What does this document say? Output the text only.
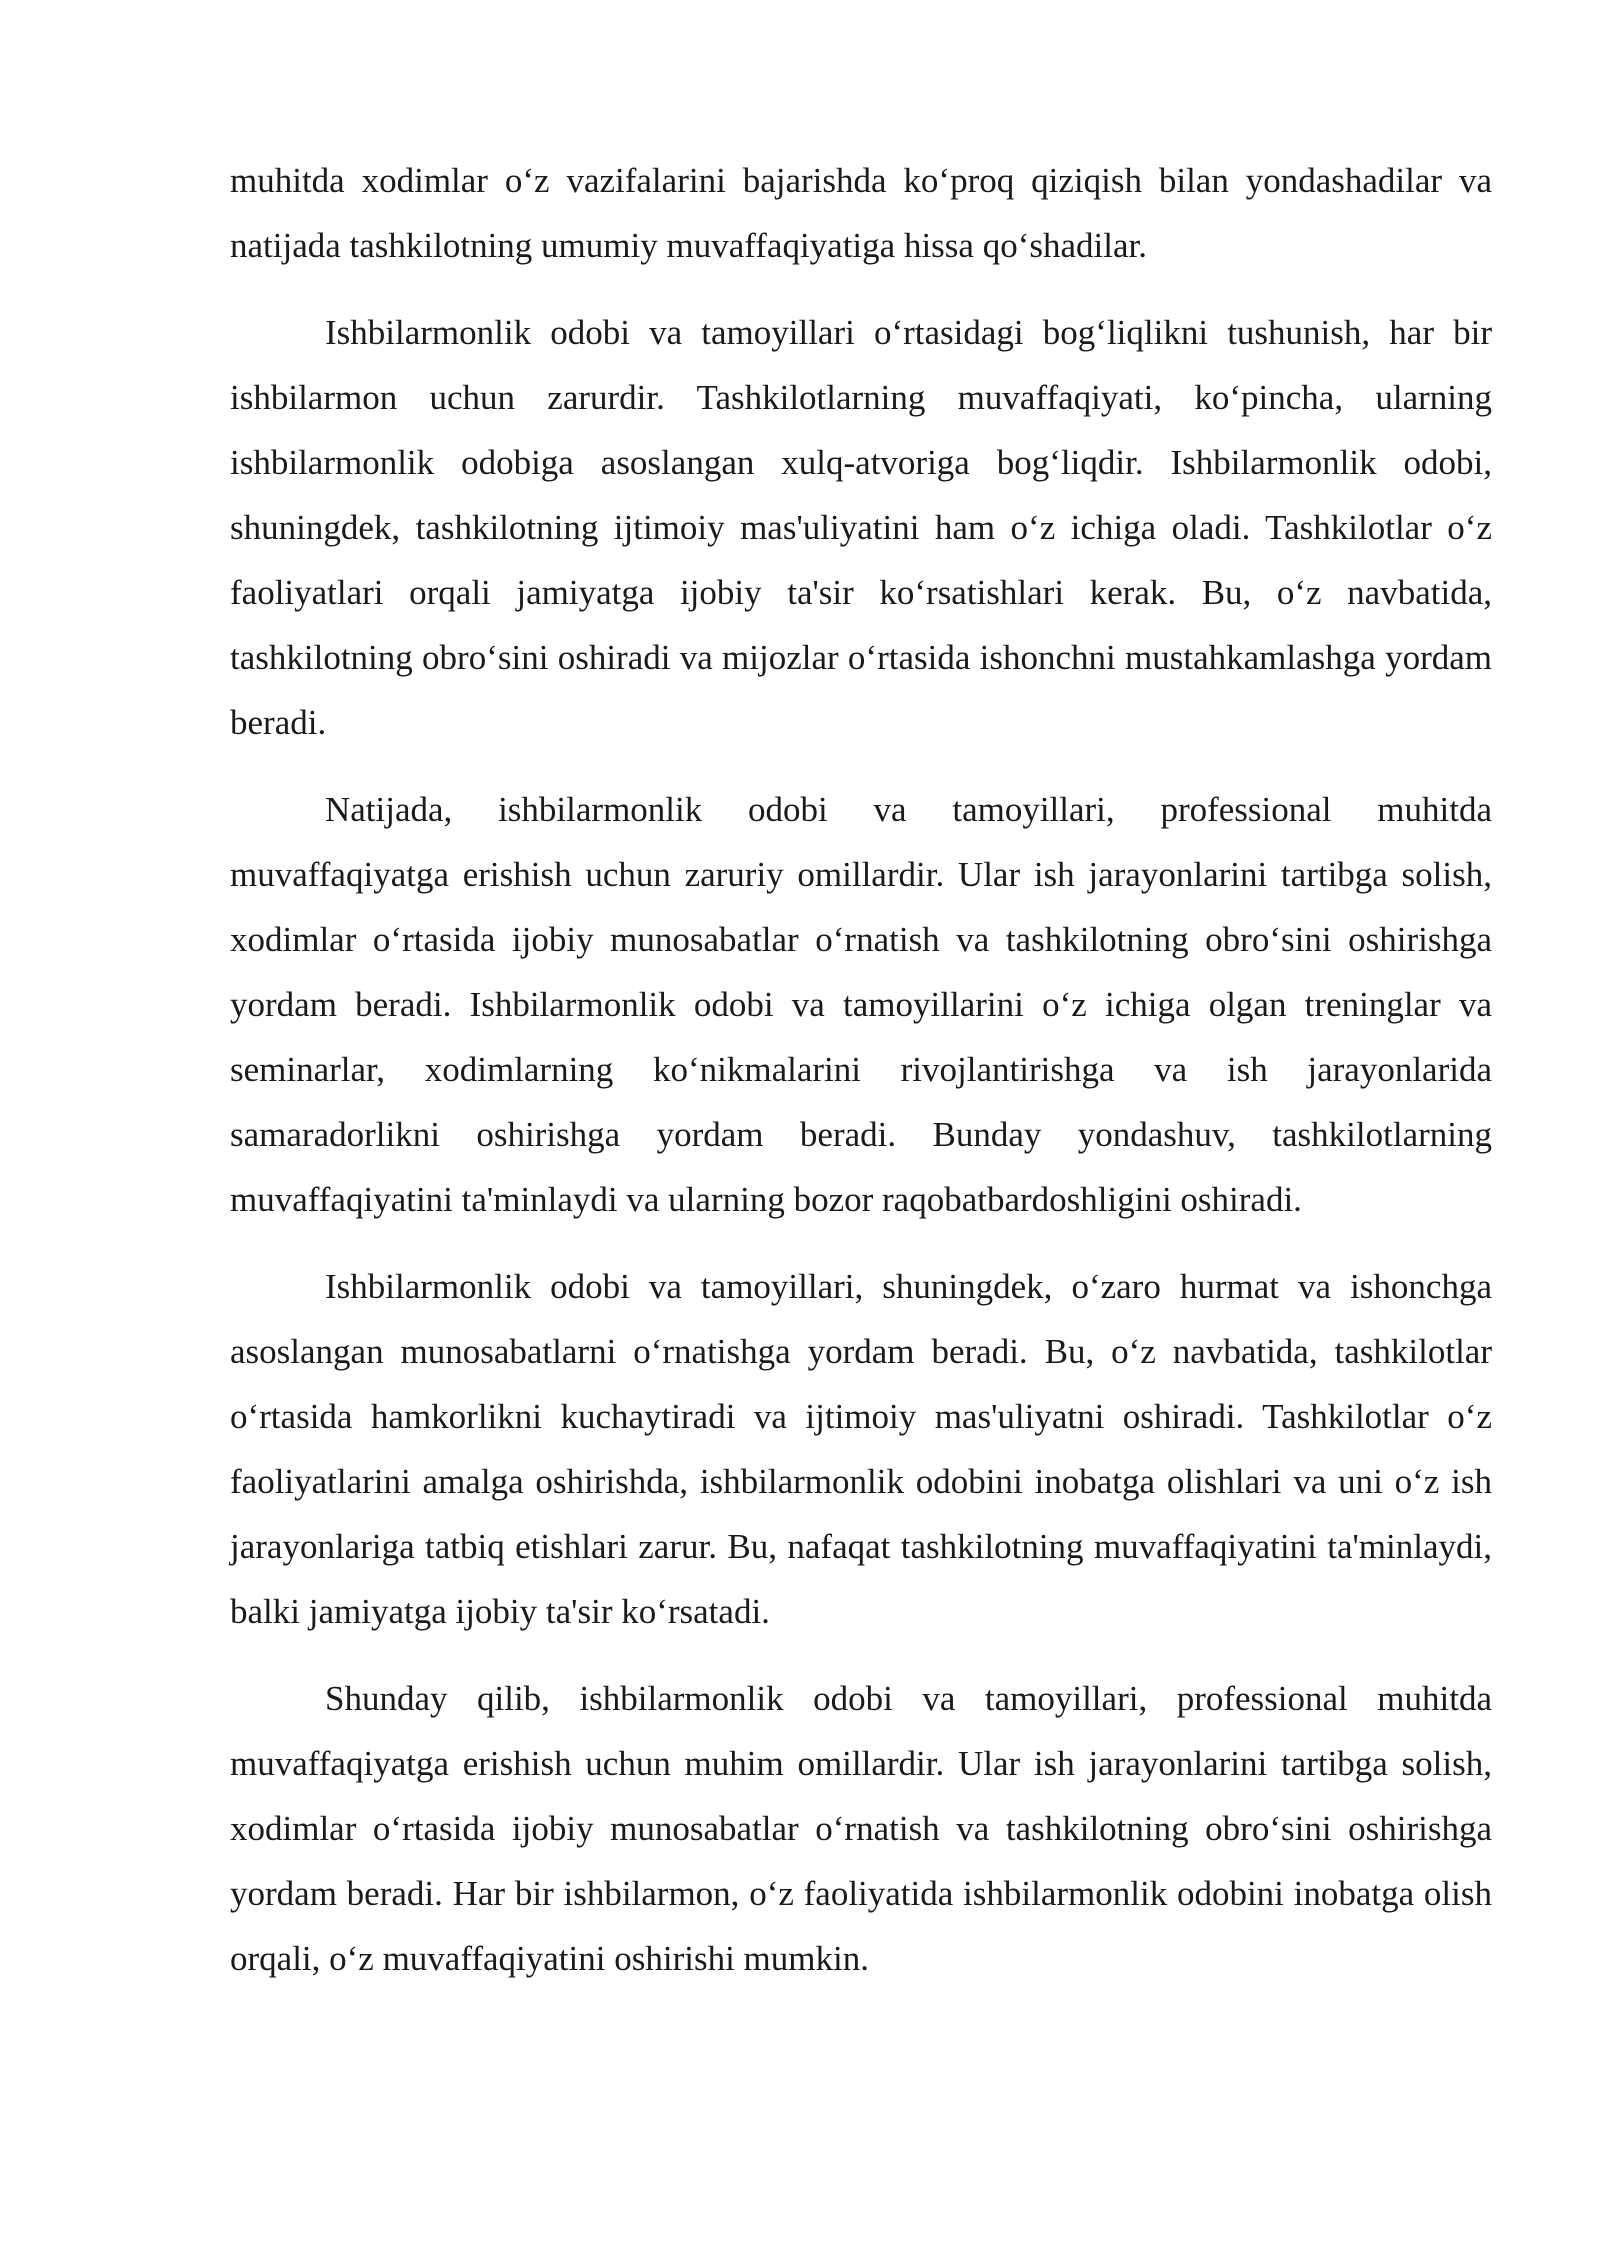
muhitda xodimlar o‘z vazifalarini bajarishda ko‘proq qiziqish bilan yondashadilar va natijada tashkilotning umumiy muvaffaqiyatiga hissa qo‘shadilar.

Ishbilarmonlik odobi va tamoyillari o‘rtasidagi bog‘liqlikni tushunish, har bir ishbilarmon uchun zarurdir. Tashkilotlarning muvaffaqiyati, ko‘pincha, ularning ishbilarmonlik odobiga asoslangan xulq-atvoriga bog‘liqdir. Ishbilarmonlik odobi, shuningdek, tashkilotning ijtimoiy mas'uliyatini ham o‘z ichiga oladi. Tashkilotlar o‘z faoliyatlari orqali jamiyatga ijobiy ta'sir ko‘rsatishlari kerak. Bu, o‘z navbatida, tashkilotning obro‘sini oshiradi va mijozlar o‘rtasida ishonchni mustahkamlashga yordam beradi.

Natijada, ishbilarmonlik odobi va tamoyillari, professional muhitda muvaffaqiyatga erishish uchun zaruriy omillardir. Ular ish jarayonlarini tartibga solish, xodimlar o‘rtasida ijobiy munosabatlar o‘rnatish va tashkilotning obro‘sini oshirishga yordam beradi. Ishbilarmonlik odobi va tamoyillarini o‘z ichiga olgan treninglar va seminarlar, xodimlarning ko‘nikmalarini rivojlantirishga va ish jarayonlarida samaradorlikni oshirishga yordam beradi. Bunday yondashuv, tashkilotlarning muvaffaqiyatini ta'minlaydi va ularning bozor raqobatbardoshligini oshiradi.

Ishbilarmonlik odobi va tamoyillari, shuningdek, o‘zaro hurmat va ishonchga asoslangan munosabatlarni o‘rnatishga yordam beradi. Bu, o‘z navbatida, tashkilotlar o‘rtasida hamkorlikni kuchaytiradi va ijtimoiy mas'uliyatni oshiradi. Tashkilotlar o‘z faoliyatlarini amalga oshirishda, ishbilarmonlik odobini inobatga olishlari va uni o‘z ish jarayonlariga tatbiq etishlari zarur. Bu, nafaqat tashkilotning muvaffaqiyatini ta'minlaydi, balki jamiyatga ijobiy ta'sir ko‘rsatadi.

Shunday qilib, ishbilarmonlik odobi va tamoyillari, professional muhitda muvaffaqiyatga erishish uchun muhim omillardir. Ular ish jarayonlarini tartibga solish, xodimlar o‘rtasida ijobiy munosabatlar o‘rnatish va tashkilotning obro‘sini oshirishga yordam beradi. Har bir ishbilarmon, o‘z faoliyatida ishbilarmonlik odobini inobatga olish orqali, o‘z muvaffaqiyatini oshirishi mumkin.
